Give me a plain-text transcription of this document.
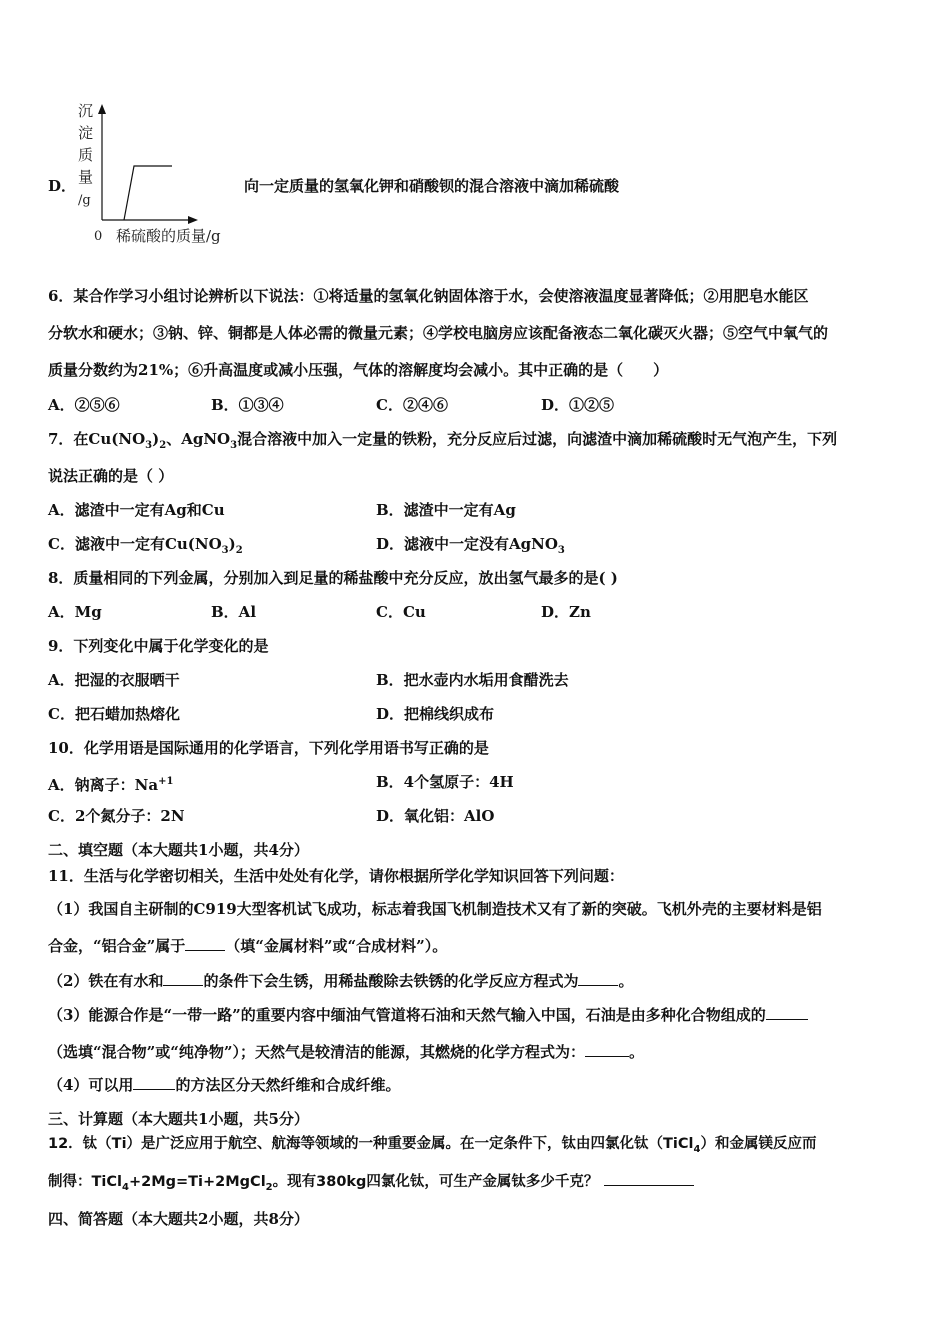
D．
沉
淀
质
量
/g
0 稀硫酸的质量/g
向一定质量的氢氧化钾和硝酸钡的混合溶液中滴加稀硫酸
6．某合作学习小组讨论辨析以下说法：①将适量的氢氧化钠固体溶于水，会使溶液温度显著降低；②用肥皂水能区
分软水和硬水；③钠、锌、铜都是人体必需的微量元素；④学校电脑房应该配备液态二氧化碳灭火器；⑤空气中氧气的
质量分数约为21%；⑥升高温度或减小压强，气体的溶解度均会减小。其中正确的是（　　）
A．②⑤⑥	B．①③④	C．②④⑥	D．①②⑤
7．在$Cu(NO_3)_2$、AgNO$_3$混合溶液中加入一定量的铁粉，充分反应后过滤，向滤渣中滴加稀硫酸时无气泡产生，下列
说法正确的是（ ）
A．滤渣中一定有Ag和Cu	B．滤渣中一定有Ag
C．滤液中一定有$Cu(NO_3)_2$	D．滤液中一定没有AgNO$_3$
8．质量相同的下列金属，分别加入到足量的稀盐酸中充分反应，放出氢气最多的是( )
A．Mg	B．Al	C．Cu	D．Zn
9．下列变化中属于化学变化的是
A．把湿的衣服晒干	B．把水壶内水垢用食醋洗去
C．把石蜡加热熔化	D．把棉线织成布
10．化学用语是国际通用的化学语言，下列化学用语书写正确的是
A．钠离子：$Na^{+1}$	B．4个氢原子：4H
C．2个氮分子：2N	D．氧化铝：AlO
二、填空题（本大题共1小题，共4分）
11．生活与化学密切相关，生活中处处有化学，请你根据所学化学知识回答下列问题：
（1）我国自主研制的C919大型客机试飞成功，标志着我国飞机制造技术又有了新的突破。飞机外壳的主要材料是铝
合金，“铝合金”属于	（填“金属材料”或“合成材料”）。
（2）铁在有水和	的条件下会生锈，用稀盐酸除去铁锈的化学反应方程式为	。
（3）能源合作是“一带一路”的重要内容中缅油气管道将石油和天然气输入中国，石油是由多种化合物组成的
（选填“混合物”或“纯净物”）；天然气是较清洁的能源，其燃烧的化学方程式为：	。
（4）可以用	的方法区分天然纤维和合成纤维。
三、计算题（本大题共1小题，共5分）
12．钛（Ti）是广泛应用于航空、航海等领域的一种重要金属。在一定条件下，钛由四氯化钛（TiCl$_4$）和金属镁反应而
制得：TiCl$_4$+2Mg=Ti+2MgCl$_2$。现有380kg四氯化钛，可生产金属钛多少千克？
四、简答题（本大题共2小题，共8分）
